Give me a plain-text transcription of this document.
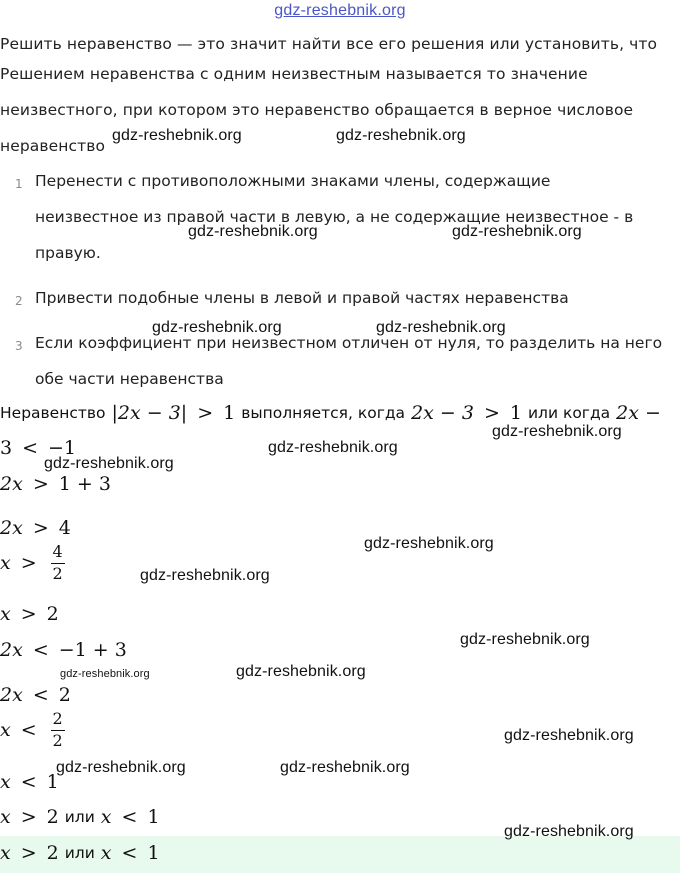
gdz-reshebnik.org
Решить неравенство — это значит найти все его решения или установить, что
Решением неравенства с одним неизвестным называется то значение
неизвестного, при котором это неравенство обращается в верное числовое
неравенство
1 Перенести с противоположными знаками члены, содержащие
неизвестное из правой части в левую, а не содержащие неизвестное - в
правую.
2 Привести подобные члены в левой и правой частях неравенства
3 Если коэффициент при неизвестном отличен от нуля, то разделить на него
обе части неравенства
Неравенство |2x − 3| > 1 выполняется, когда 2x − 3 > 1 или когда 2x −
3 < −1
2x > 1 + 3
2x > 4
$x > \frac{4}{2}$
x > 2
2x < −1 + 3
2x < 2
$x < \frac{2}{2}$
x < 1
x > 2 или x < 1
x > 2 или x < 1
gdz-reshebnik.org	gdz-reshebnik.org
gdz-reshebnik.org	gdz-reshebnik.org
gdz-reshebnik.org	gdz-reshebnik.org
gdz-reshebnik.org
gdz-reshebnik.org
gdz-reshebnik.org
gdz-reshebnik.org
gdz-reshebnik.org
gdz-reshebnik.org
gdz-reshebnik.org
gdz-reshebnik.org
gdz-reshebnik.org
gdz-reshebnik.org	gdz-reshebnik.org
gdz-reshebnik.org
